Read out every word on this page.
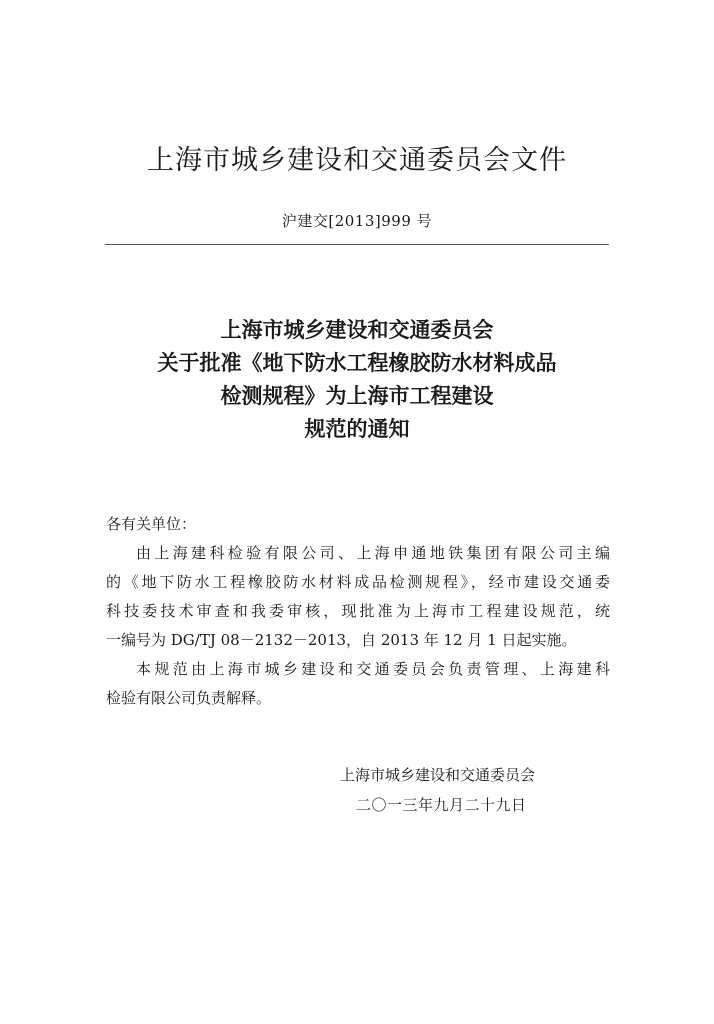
上海市城乡建设和交通委员会文件
沪建交[2013]999 号
上海市城乡建设和交通委员会
关于批准《地下防水工程橡胶防水材料成品
检测规程》为上海市工程建设
规范的通知

各有关单位：

由上海建科检验有限公司、上海申通地铁集团有限公司主编

的《地下防水工程橡胶防水材料成品检测规程》，经市建设交通委
科技委技术审查和我委审核，现批准为上海市工程建设规范，统
一编号为 DG/TJ 08－2132－2013，自 2013 年 12 月 1 日起实施。

本规范由上海市城乡建设和交通委员会负责管理、上海建科

检验有限公司负责解释。

上海市城乡建设和交通委员会
二〇一三年九月二十九日
